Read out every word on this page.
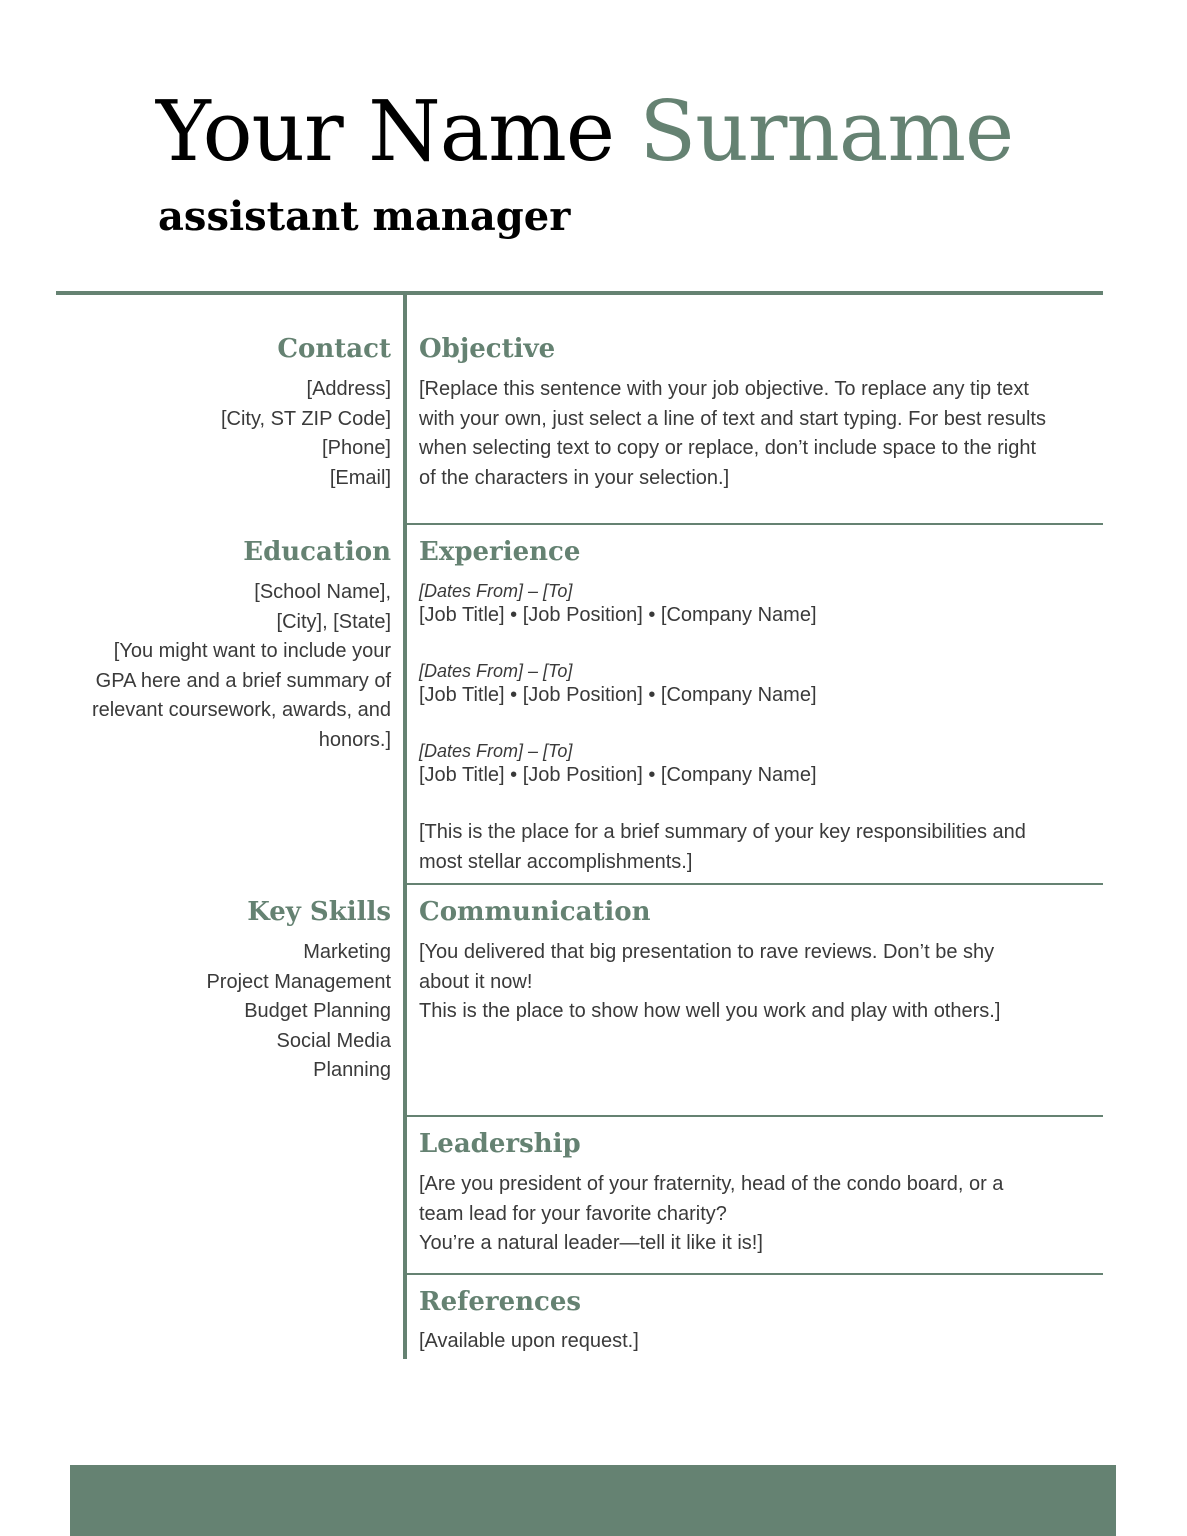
Your Name Surname
assistant manager
Contact
[Address]
[City, ST ZIP Code]
[Phone]
[Email]
Objective
[Replace this sentence with your job objective. To replace any tip text
with your own, just select a line of text and start typing. For best results
when selecting text to copy or replace, don’t include space to the right
of the characters in your selection.]
Education
[School Name],
[City], [State]
[You might want to include your
GPA here and a brief summary of
relevant coursework, awards, and
honors.]
Experience
[Dates From] – [To]
[Job Title] • [Job Position] • [Company Name]
[Dates From] – [To]
[Job Title] • [Job Position] • [Company Name]
[Dates From] – [To]
[Job Title] • [Job Position] • [Company Name]
[This is the place for a brief summary of your key responsibilities and
most stellar accomplishments.]
Key Skills
Marketing
Project Management
Budget Planning
Social Media
Planning
Communication
[You delivered that big presentation to rave reviews. Don’t be shy
about it now!
This is the place to show how well you work and play with others.]
Leadership
[Are you president of your fraternity, head of the condo board, or a
team lead for your favorite charity?
You’re a natural leader—tell it like it is!]
References
[Available upon request.]
